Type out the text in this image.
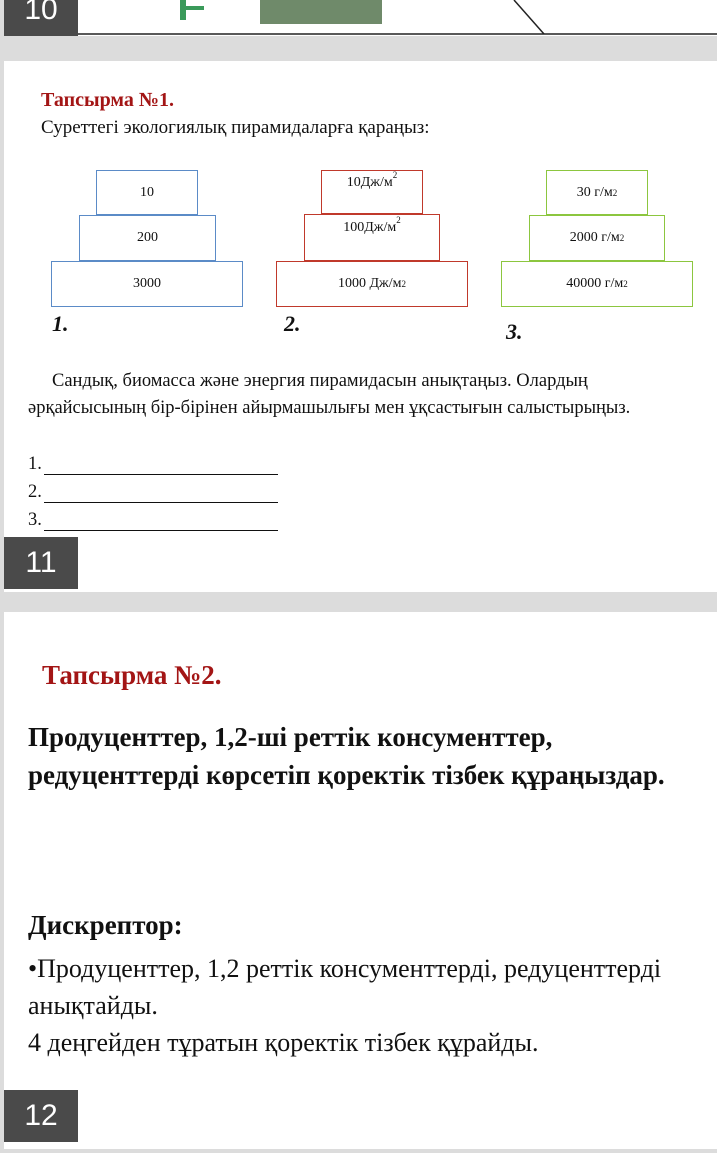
10
Тапсырма №1.
Суреттегі экологиялық пирамидаларға қараңыз:
10
200
3000
1.
10Дж/м 2
100Дж/м 2
1000 Дж/м 2
2.
30 г/м 2
2000 г/м 2
40000 г/м 2
3.
Сандық, биомасса және энергия пирамидасын анықтаңыз. Олардың әрқайсысының бір-бірінен айырмашылығы мен ұқсастығын салыстырыңыз.
1.
2.
3.
11
Тапсырма №2.
Продуценттер, 1,2-ші реттік консументтер, редуценттерді көрсетіп қоректік тізбек құраңыздар.
Дискрептор:
•Продуценттер, 1,2 реттік консументтерді, редуценттерді анықтайды.
4 деңгейден тұратын қоректік тізбек құрайды.
12
